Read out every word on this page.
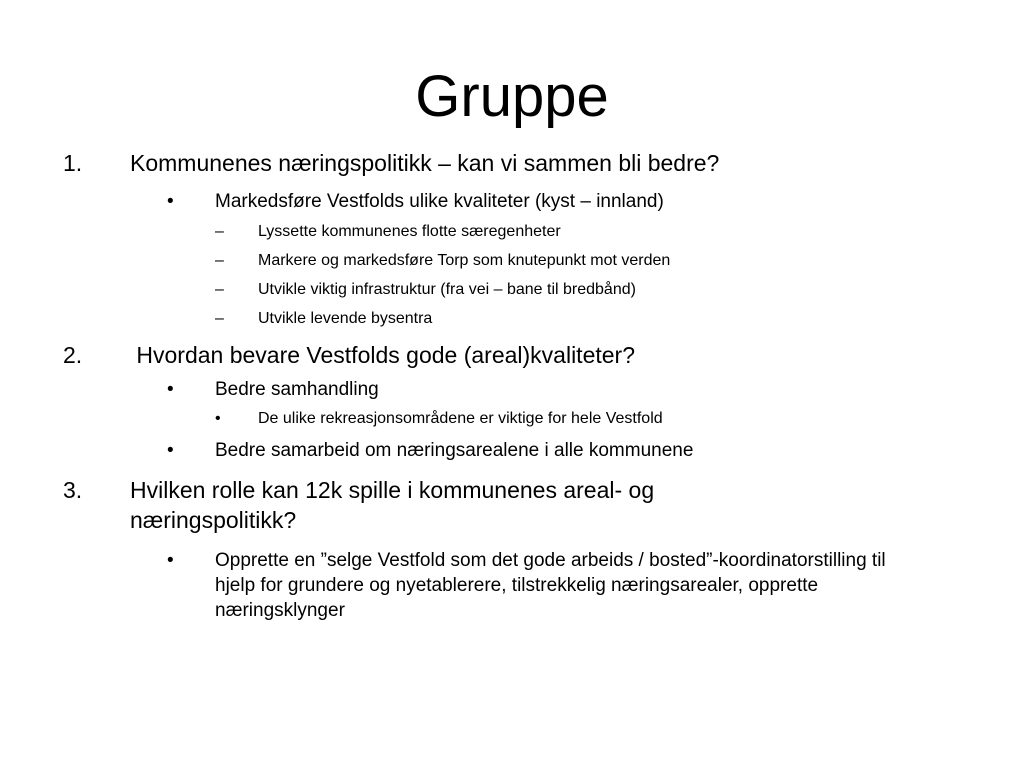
Gruppe
1. Kommunenes næringspolitikk – kan vi sammen bli bedre?
• Markedsføre Vestfolds ulike kvaliteter (kyst – innland)
– Lyssette kommunenes flotte særegenheter
– Markere og markedsføre Torp som knutepunkt mot verden
– Utvikle viktig infrastruktur (fra vei – bane til bredbånd)
– Utvikle levende bysentra
2. Hvordan bevare Vestfolds gode (areal)kvaliteter?
• Bedre samhandling
• De ulike rekreasjonsområdene er viktige for hele Vestfold
• Bedre samarbeid om næringsarealene i alle kommunene
3. Hvilken rolle kan 12k spille i kommunenes areal- og næringspolitikk?
• Opprette en ”selge Vestfold som det gode arbeids / bosted”-koordinatorstilling til hjelp for grundere og nyetablerere, tilstrekkelig næringsarealer, opprette næringsklynger
